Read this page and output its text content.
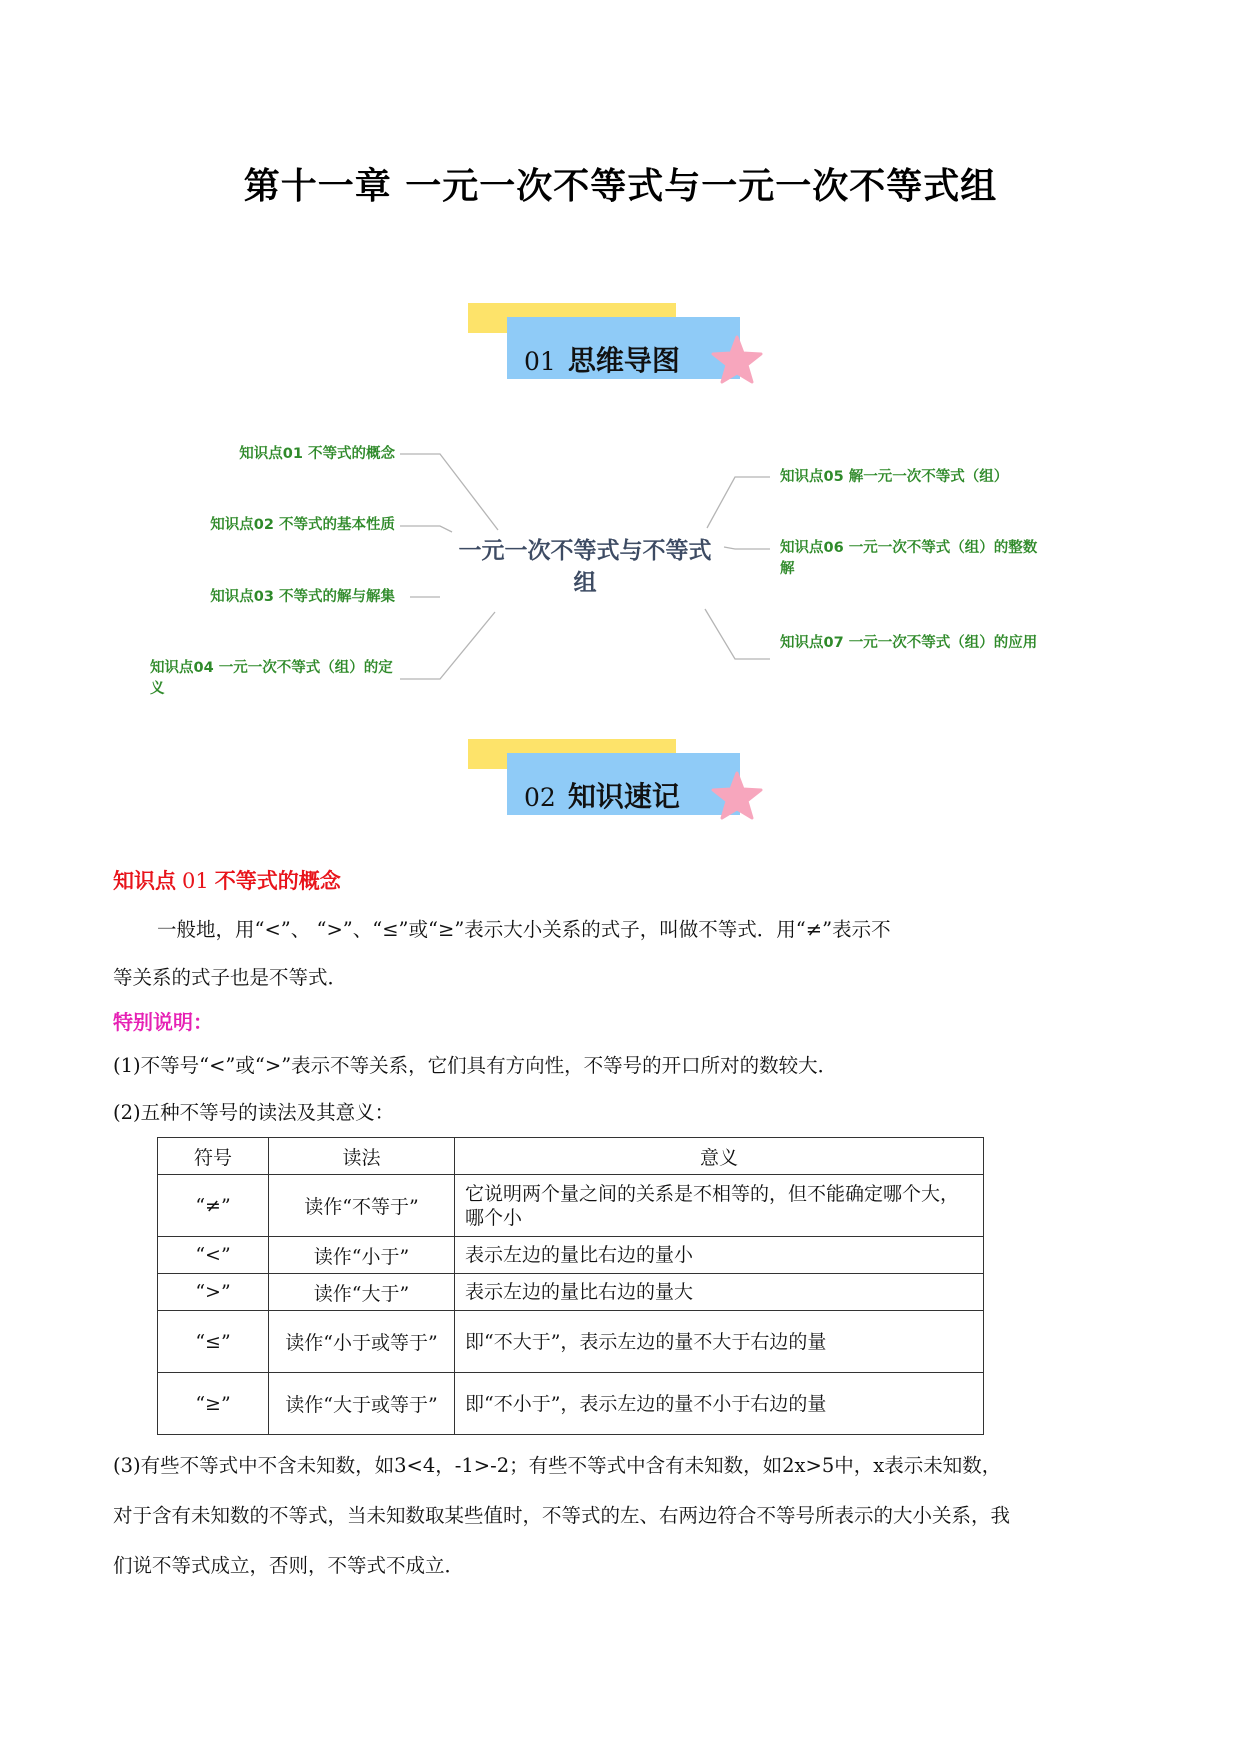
第十一章 一元一次不等式与一元一次不等式组
01 思维导图
一元一次不等式与不等式组
知识点01 不等式的概念
知识点02 不等式的基本性质
知识点03 不等式的解与解集
知识点04 一元一次不等式（组）的定义
知识点05 解一元一次不等式（组）
知识点06 一元一次不等式（组）的整数解
知识点07 一元一次不等式（组）的应用
02 知识速记
知识点 01 不等式的概念
一般地，用“<”、 “>”、“≤”或“≥”表示大小关系的式子，叫做不等式．用“≠”表示不
等关系的式子也是不等式．
特别说明：
(1)不等号“<”或“>”表示不等关系，它们具有方向性，不等号的开口所对的数较大．
(2)五种不等号的读法及其意义：
符号	读法	意义
“≠”	读作“不等于”	它说明两个量之间的关系是不相等的，但不能确定哪个大，哪个小
“<”	读作“小于”	表示左边的量比右边的量小
“>”	读作“大于”	表示左边的量比右边的量大
“≤”	读作“小于或等于”	即“不大于”，表示左边的量不大于右边的量
“≥”	读作“大于或等于”	即“不小于”，表示左边的量不小于右边的量
(3)有些不等式中不含未知数，如3<4，-1>-2；有些不等式中含有未知数，如2x>5中，x表示未知数，
对于含有未知数的不等式，当未知数取某些值时，不等式的左、右两边符合不等号所表示的大小关系，我
们说不等式成立，否则，不等式不成立．
